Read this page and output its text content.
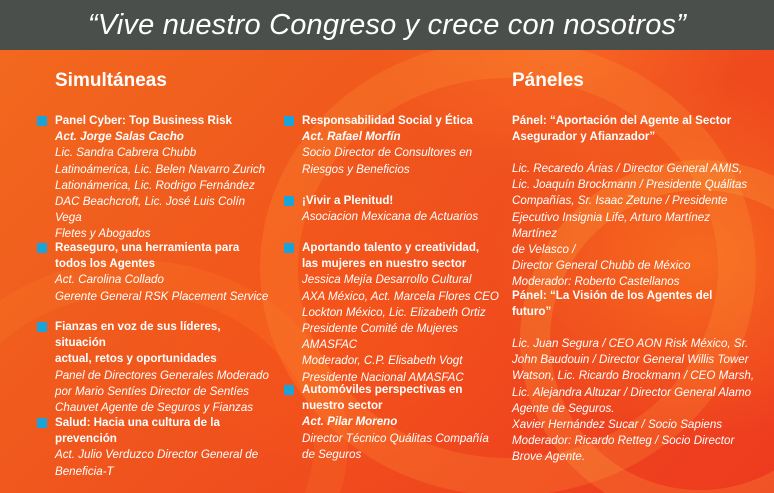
“Vive nuestro Congreso y crece con nosotros”
Simultáneas	Páneles
Panel Cyber: Top Business Risk
Act. Jorge Salas Cacho
Lic. Sandra Cabrera Chubb
Latinoámerica, Lic. Belen Navarro Zurich
Lationámerica, Lic. Rodrigo Fernández
DAC Beachcroft, Lic. José Luis Colín Vega
Fletes y Abogados
Reaseguro, una herramienta para
todos los Agentes
Act. Carolina Collado
Gerente General RSK Placement Service
Fianzas en voz de sus líderes, situación
actual, retos y oportunidades
Panel de Directores Generales Moderado
por Mario Sentíes Director de Sentíes
Chauvet Agente de Seguros y Fianzas
Salud: Hacia una cultura de la
prevención
Act. Julio Verduzco Director General de
Beneficia-T
Responsabilidad Social y Ética
Act. Rafael Morfín
Socio Director de Consultores en
Riesgos y Beneficios
¡Vivir a Plenitud!
Asociacion Mexicana de Actuarios
Aportando talento y creatividad,
las mujeres en nuestro sector
Jessica Mejía Desarrollo Cultural
AXA México, Act. Marcela Flores CEO
Lockton México, Lic. Elizabeth Ortiz
Presidente Comité de Mujeres AMASFAC
Moderador, C.P. Elisabeth Vogt
Presidente Nacional AMASFAC
Automóviles perspectivas en
nuestro sector
Act. Pilar Moreno
Director Técnico Quálitas Compañía
de Seguros
Pánel: “Aportación del Agente al Sector
Asegurador y Afianzador”
Lic. Recaredo Árias / Director General AMIS,
Lic. Joaquín Brockmann / Presidente Quálitas
Compañías, Sr. Isaac Zetune / Presidente
Ejecutivo Insignia Life, Arturo Martínez Martínez
de Velasco /
Director General Chubb de México
Moderador: Roberto Castellanos
Pánel: “La Visión de los Agentes del
futuro”
Lic. Juan Segura / CEO AON Risk México, Sr.
John Baudouin / Director General Willis Tower
Watson, Lic. Ricardo Brockmann / CEO Marsh,
Lic. Alejandra Altuzar / Director General Alamo
Agente de Seguros.
Xavier Hernández Sucar / Socio Sapiens
Moderador: Ricardo Retteg / Socio Director
Brove Agente.
